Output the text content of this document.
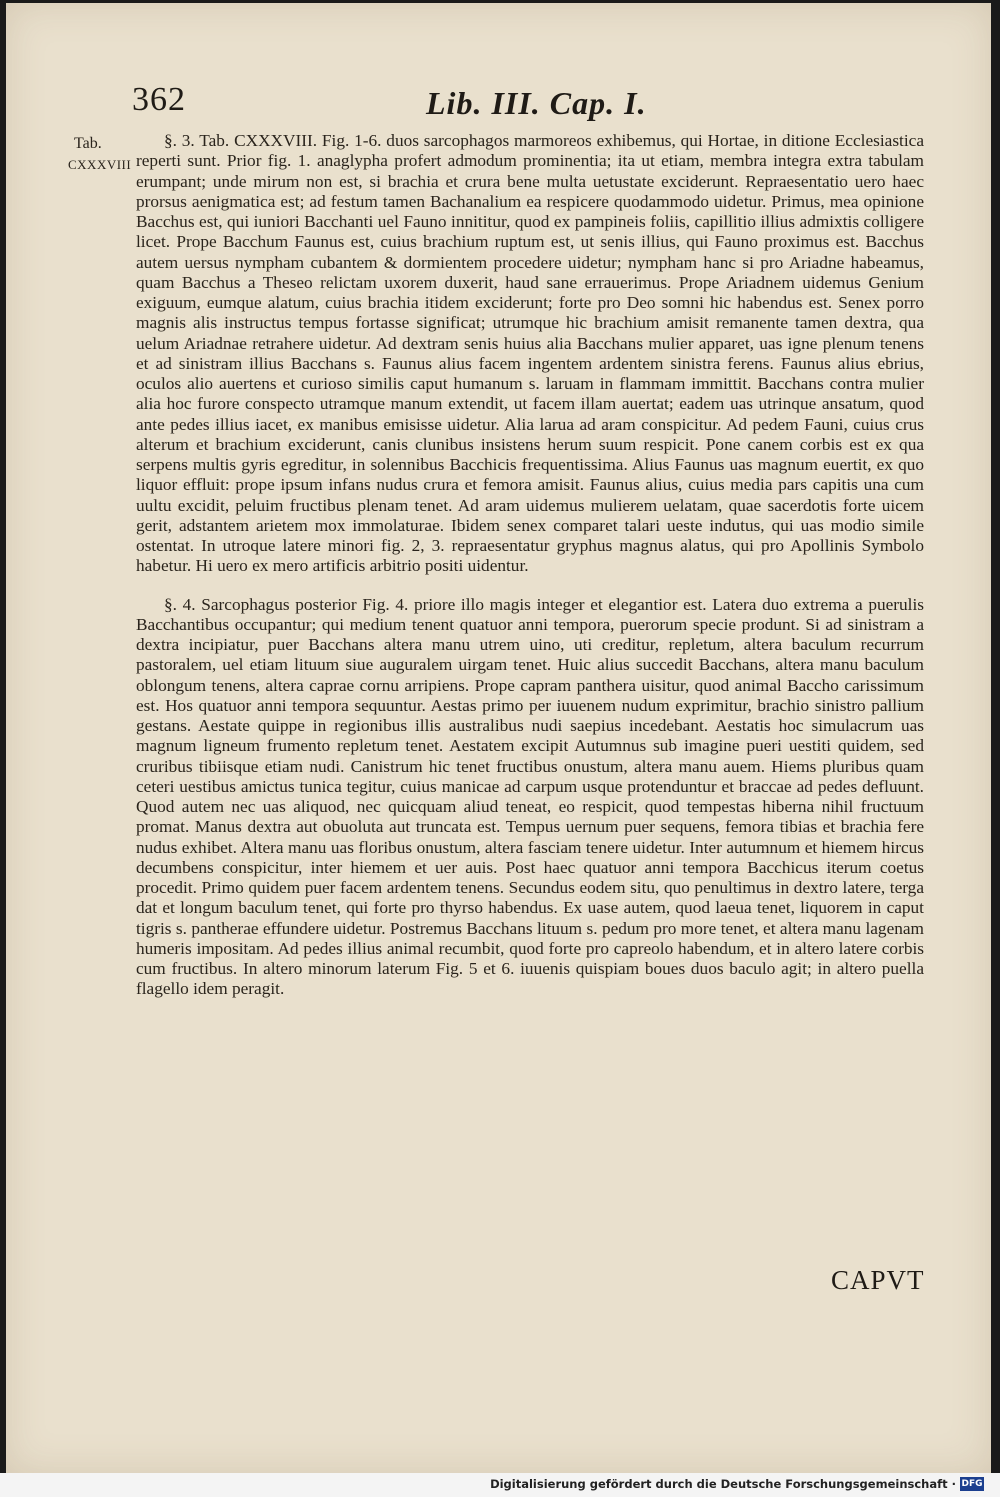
362	Lib. III. Cap. I.
Tab.
CXXXVIII

§. 3. Tab. CXXXVIII. Fig. 1-6. duos sarcophagos marmoreos exhibemus, qui Hortae, in ditione Ecclesiastica reperti sunt. Prior fig. 1. anaglypha profert admodum prominentia; ita ut etiam, membra integra extra tabulam erumpant; unde mirum non est, si brachia et crura bene multa uetustate exciderunt. Repraesentatio uero haec prorsus aenigmatica est; ad festum tamen Bachanalium ea respicere quodammodo uidetur. Primus, mea opinione Bacchus est, qui iuniori Bacchanti uel Fauno innititur, quod ex pampineis foliis, capillitio illius admixtis colligere licet. Prope Bacchum Faunus est, cuius brachium ruptum est, ut senis illius, qui Fauno proximus est. Bacchus autem uersus nympham cubantem & dormientem procedere uidetur; nympham hanc si pro Ariadne habeamus, quam Bacchus a Theseo relictam uxorem duxerit, haud sane errauerimus. Prope Ariadnem uidemus Genium exiguum, eumque alatum, cuius brachia itidem exciderunt; forte pro Deo somni hic habendus est. Senex porro magnis alis instructus tempus fortasse significat; utrumque hic brachium amisit remanente tamen dextra, qua uelum Ariadnae retrahere uidetur. Ad dextram senis huius alia Bacchans mulier apparet, uas igne plenum tenens et ad sinistram illius Bacchans s. Faunus alius facem ingentem ardentem sinistra ferens. Faunus alius ebrius, oculos alio auertens et curioso similis caput humanum s. laruam in flammam immittit. Bacchans contra mulier alia hoc furore conspecto utramque manum extendit, ut facem illam auertat; eadem uas utrinque ansatum, quod ante pedes illius iacet, ex manibus emisisse uidetur. Alia larua ad aram conspicitur. Ad pedem Fauni, cuius crus alterum et brachium exciderunt, canis clunibus insistens herum suum respicit. Pone canem corbis est ex qua serpens multis gyris egreditur, in solennibus Bacchicis frequentissima. Alius Faunus uas magnum euertit, ex quo liquor effluit: prope ipsum infans nudus crura et femora amisit. Faunus alius, cuius media pars capitis una cum uultu excidit, peluim fructibus plenam tenet. Ad aram uidemus mulierem uelatam, quae sacerdotis forte uicem gerit, adstantem arietem mox immolaturae. Ibidem senex comparet talari ueste indutus, qui uas modio simile ostentat. In utroque latere minori fig. 2, 3. repraesentatur gryphus magnus alatus, qui pro Apollinis Symbolo habetur. Hi uero ex mero artificis arbitrio positi uidentur.

§. 4. Sarcophagus posterior Fig. 4. priore illo magis integer et elegantior est. Latera duo extrema a puerulis Bacchantibus occupantur; qui medium tenent quatuor anni tempora, puerorum specie produnt. Si ad sinistram a dextra incipiatur, puer Bacchans altera manu utrem uino, uti creditur, repletum, altera baculum recurrum pastoralem, uel etiam lituum siue auguralem uirgam tenet. Huic alius succedit Bacchans, altera manu baculum oblongum tenens, altera caprae cornu arripiens. Prope capram panthera uisitur, quod animal Baccho carissimum est. Hos quatuor anni tempora sequuntur. Aestas primo per iuuenem nudum exprimitur, brachio sinistro pallium gestans. Aestate quippe in regionibus illis australibus nudi saepius incedebant. Aestatis hoc simulacrum uas magnum ligneum frumento repletum tenet. Aestatem excipit Autumnus sub imagine pueri uestiti quidem, sed cruribus tibiisque etiam nudi. Canistrum hic tenet fructibus onustum, altera manu auem. Hiems pluribus quam ceteri uestibus amictus tunica tegitur, cuius manicae ad carpum usque protenduntur et braccae ad pedes defluunt. Quod autem nec uas aliquod, nec quicquam aliud teneat, eo respicit, quod tempestas hiberna nihil fructuum promat. Manus dextra aut obuoluta aut truncata est. Tempus uernum puer sequens, femora tibias et brachia fere nudus exhibet. Altera manu uas floribus onustum, altera fasciam tenere uidetur. Inter autumnum et hiemem hircus decumbens conspicitur, inter hiemem et uer auis. Post haec quatuor anni tempora Bacchicus iterum coetus procedit. Primo quidem puer facem ardentem tenens. Secundus eodem situ, quo penultimus in dextro latere, terga dat et longum baculum tenet, qui forte pro thyrso habendus. Ex uase autem, quod laeua tenet, liquorem in caput tigris s. pantherae effundere uidetur. Postremus Bacchans lituum s. pedum pro more tenet, et altera manu lagenam humeris impositam. Ad pedes illius animal recumbit, quod forte pro capreolo habendum, et in altero latere corbis cum fructibus. In altero minorum laterum Fig. 5 et 6. iuuenis quispiam boues duos baculo agit; in altero puella flagello idem peragit.

CAPVT
Digitalisierung gefördert durch die Deutsche Forschungsgemeinschaft · DFG
